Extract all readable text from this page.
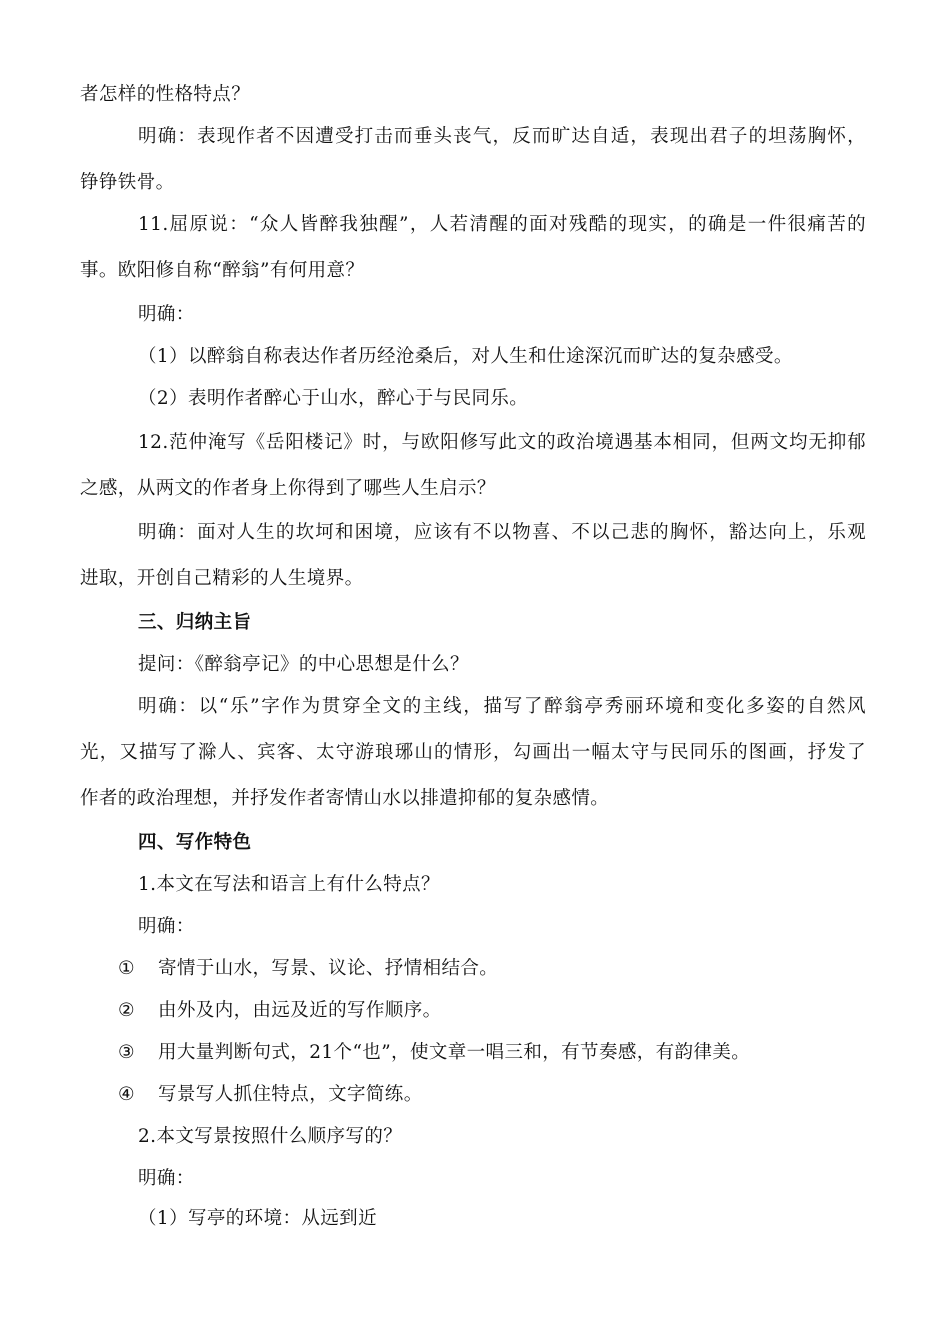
者怎样的性格特点？
明确：表现作者不因遭受打击而垂头丧气，反而旷达自适，表现出君子的坦荡胸怀，
铮铮铁骨。
11.屈原说：“众人皆醉我独醒”，人若清醒的面对残酷的现实，的确是一件很痛苦的
事。欧阳修自称“醉翁”有何用意？
明确：
（1）以醉翁自称表达作者历经沧桑后，对人生和仕途深沉而旷达的复杂感受。
（2）表明作者醉心于山水，醉心于与民同乐。
12.范仲淹写《岳阳楼记》时，与欧阳修写此文的政治境遇基本相同，但两文均无抑郁
之感，从两文的作者身上你得到了哪些人生启示？
明确：面对人生的坎坷和困境，应该有不以物喜、不以己悲的胸怀，豁达向上，乐观
进取，开创自己精彩的人生境界。
三、归纳主旨
提问：《醉翁亭记》的中心思想是什么？
明确：以“乐”字作为贯穿全文的主线，描写了醉翁亭秀丽环境和变化多姿的自然风
光，又描写了滁人、宾客、太守游琅琊山的情形，勾画出一幅太守与民同乐的图画，抒发了
作者的政治理想，并抒发作者寄情山水以排遣抑郁的复杂感情。
四、写作特色
1.本文在写法和语言上有什么特点？
明确：
① 寄情于山水，写景、议论、抒情相结合。
② 由外及内，由远及近的写作顺序。
③ 用大量判断句式，21个“也”，使文章一唱三和，有节奏感，有韵律美。
④ 写景写人抓住特点，文字简练。
2.本文写景按照什么顺序写的？
明确：
（1）写亭的环境：从远到近
